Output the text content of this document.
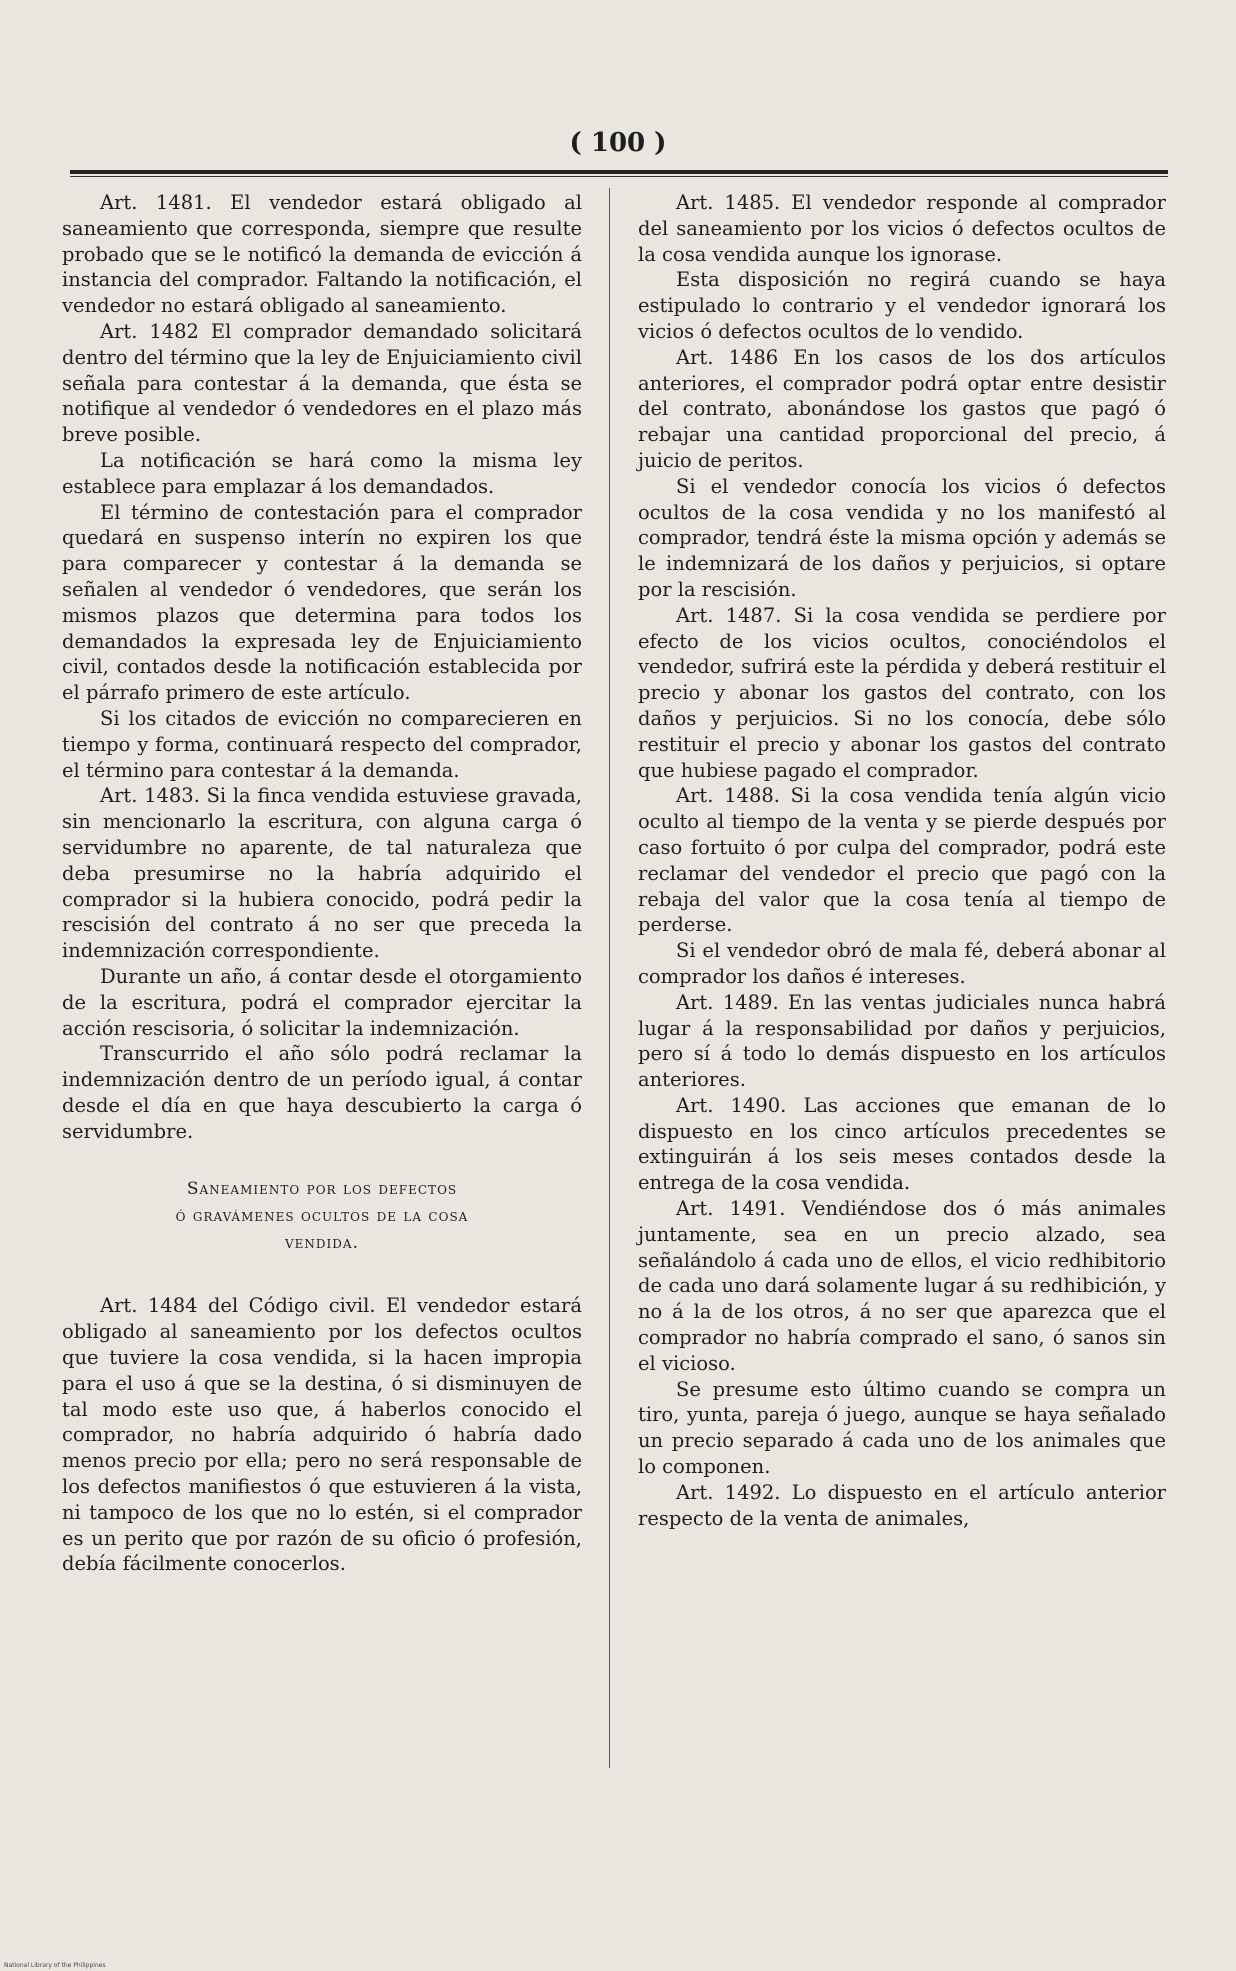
( 100 )

Art. 1481. El vendedor estará obligado al saneamiento que corresponda, siempre que resulte probado que se le notificó la demanda de evicción á instancia del comprador. Faltando la notificación, el vendedor no estará obligado al saneamiento.

Art. 1482 El comprador demandado solicitará dentro del término que la ley de Enjuiciamiento civil señala para contestar á la demanda, que ésta se notifique al vendedor ó vendedores en el plazo más breve posible.

La notificación se hará como la misma ley establece para emplazar á los demandados.

El término de contestación para el comprador quedará en suspenso interín no expiren los que para comparecer y contestar á la demanda se señalen al vendedor ó vendedores, que serán los mismos plazos que determina para todos los demandados la expresada ley de Enjuiciamiento civil, contados desde la notificación establecida por el párrafo primero de este artículo.

Si los citados de evicción no comparecieren en tiempo y forma, continuará respecto del comprador, el término para contestar á la demanda.

Art. 1483. Si la finca vendida estuviese gravada, sin mencionarlo la escritura, con alguna carga ó servidumbre no aparente, de tal naturaleza que deba presumirse no la habría adquirido el comprador si la hubiera conocido, podrá pedir la rescisión del contrato á no ser que preceda la indemnización correspondiente.

Durante un año, á contar desde el otorgamiento de la escritura, podrá el comprador ejercitar la acción rescisoria, ó solicitar la indemnización.

Transcurrido el año sólo podrá reclamar la indemnización dentro de un período igual, á contar desde el día en que haya descubierto la carga ó servidumbre.

Saneamiento por los defectos
ó gravámenes ocultos de la cosa
vendida.

Art. 1484 del Código civil. El vendedor estará obligado al saneamiento por los defectos ocultos que tuviere la cosa vendida, si la hacen impropia para el uso á que se la destina, ó si disminuyen de tal modo este uso que, á haberlos conocido el comprador, no habría adquirido ó habría dado menos precio por ella; pero no será responsable de los defectos manifiestos ó que estuvieren á la vista, ni tampoco de los que no lo estén, si el comprador es un perito que por razón de su oficio ó profesión, debía fácilmente conocerlos.

Art. 1485. El vendedor responde al comprador del saneamiento por los vicios ó defectos ocultos de la cosa vendida aunque los ignorase.

Esta disposición no regirá cuando se haya estipulado lo contrario y el vendedor ignorará los vicios ó defectos ocultos de lo vendido.

Art. 1486 En los casos de los dos artículos anteriores, el comprador podrá optar entre desistir del contrato, abonándose los gastos que pagó ó rebajar una cantidad proporcional del precio, á juicio de peritos.

Si el vendedor conocía los vicios ó defectos ocultos de la cosa vendida y no los manifestó al comprador, tendrá éste la misma opción y además se le indemnizará de los daños y perjuicios, si optare por la rescisión.

Art. 1487. Si la cosa vendida se perdiere por efecto de los vicios ocultos, conociéndolos el vendedor, sufrirá este la pérdida y deberá restituir el precio y abonar los gastos del contrato, con los daños y perjuicios. Si no los conocía, debe sólo restituir el precio y abonar los gastos del contrato que hubiese pagado el comprador.

Art. 1488. Si la cosa vendida tenía algún vicio oculto al tiempo de la venta y se pierde después por caso fortuito ó por culpa del comprador, podrá este reclamar del vendedor el precio que pagó con la rebaja del valor que la cosa tenía al tiempo de perderse.

Si el vendedor obró de mala fé, deberá abonar al comprador los daños é intereses.

Art. 1489. En las ventas judiciales nunca habrá lugar á la responsabilidad por daños y perjuicios, pero sí á todo lo demás dispuesto en los artículos anteriores.

Art. 1490. Las acciones que emanan de lo dispuesto en los cinco artículos precedentes se extinguirán á los seis meses contados desde la entrega de la cosa vendida.

Art. 1491. Vendiéndose dos ó más animales juntamente, sea en un precio alzado, sea señalándolo á cada uno de ellos, el vicio redhibitorio de cada uno dará solamente lugar á su redhibición, y no á la de los otros, á no ser que aparezca que el comprador no habría comprado el sano, ó sanos sin el vicioso.

Se presume esto último cuando se compra un tiro, yunta, pareja ó juego, aunque se haya señalado un precio separado á cada uno de los animales que lo componen.

Art. 1492. Lo dispuesto en el artículo anterior respecto de la venta de animales,

National Library of the Philippines
